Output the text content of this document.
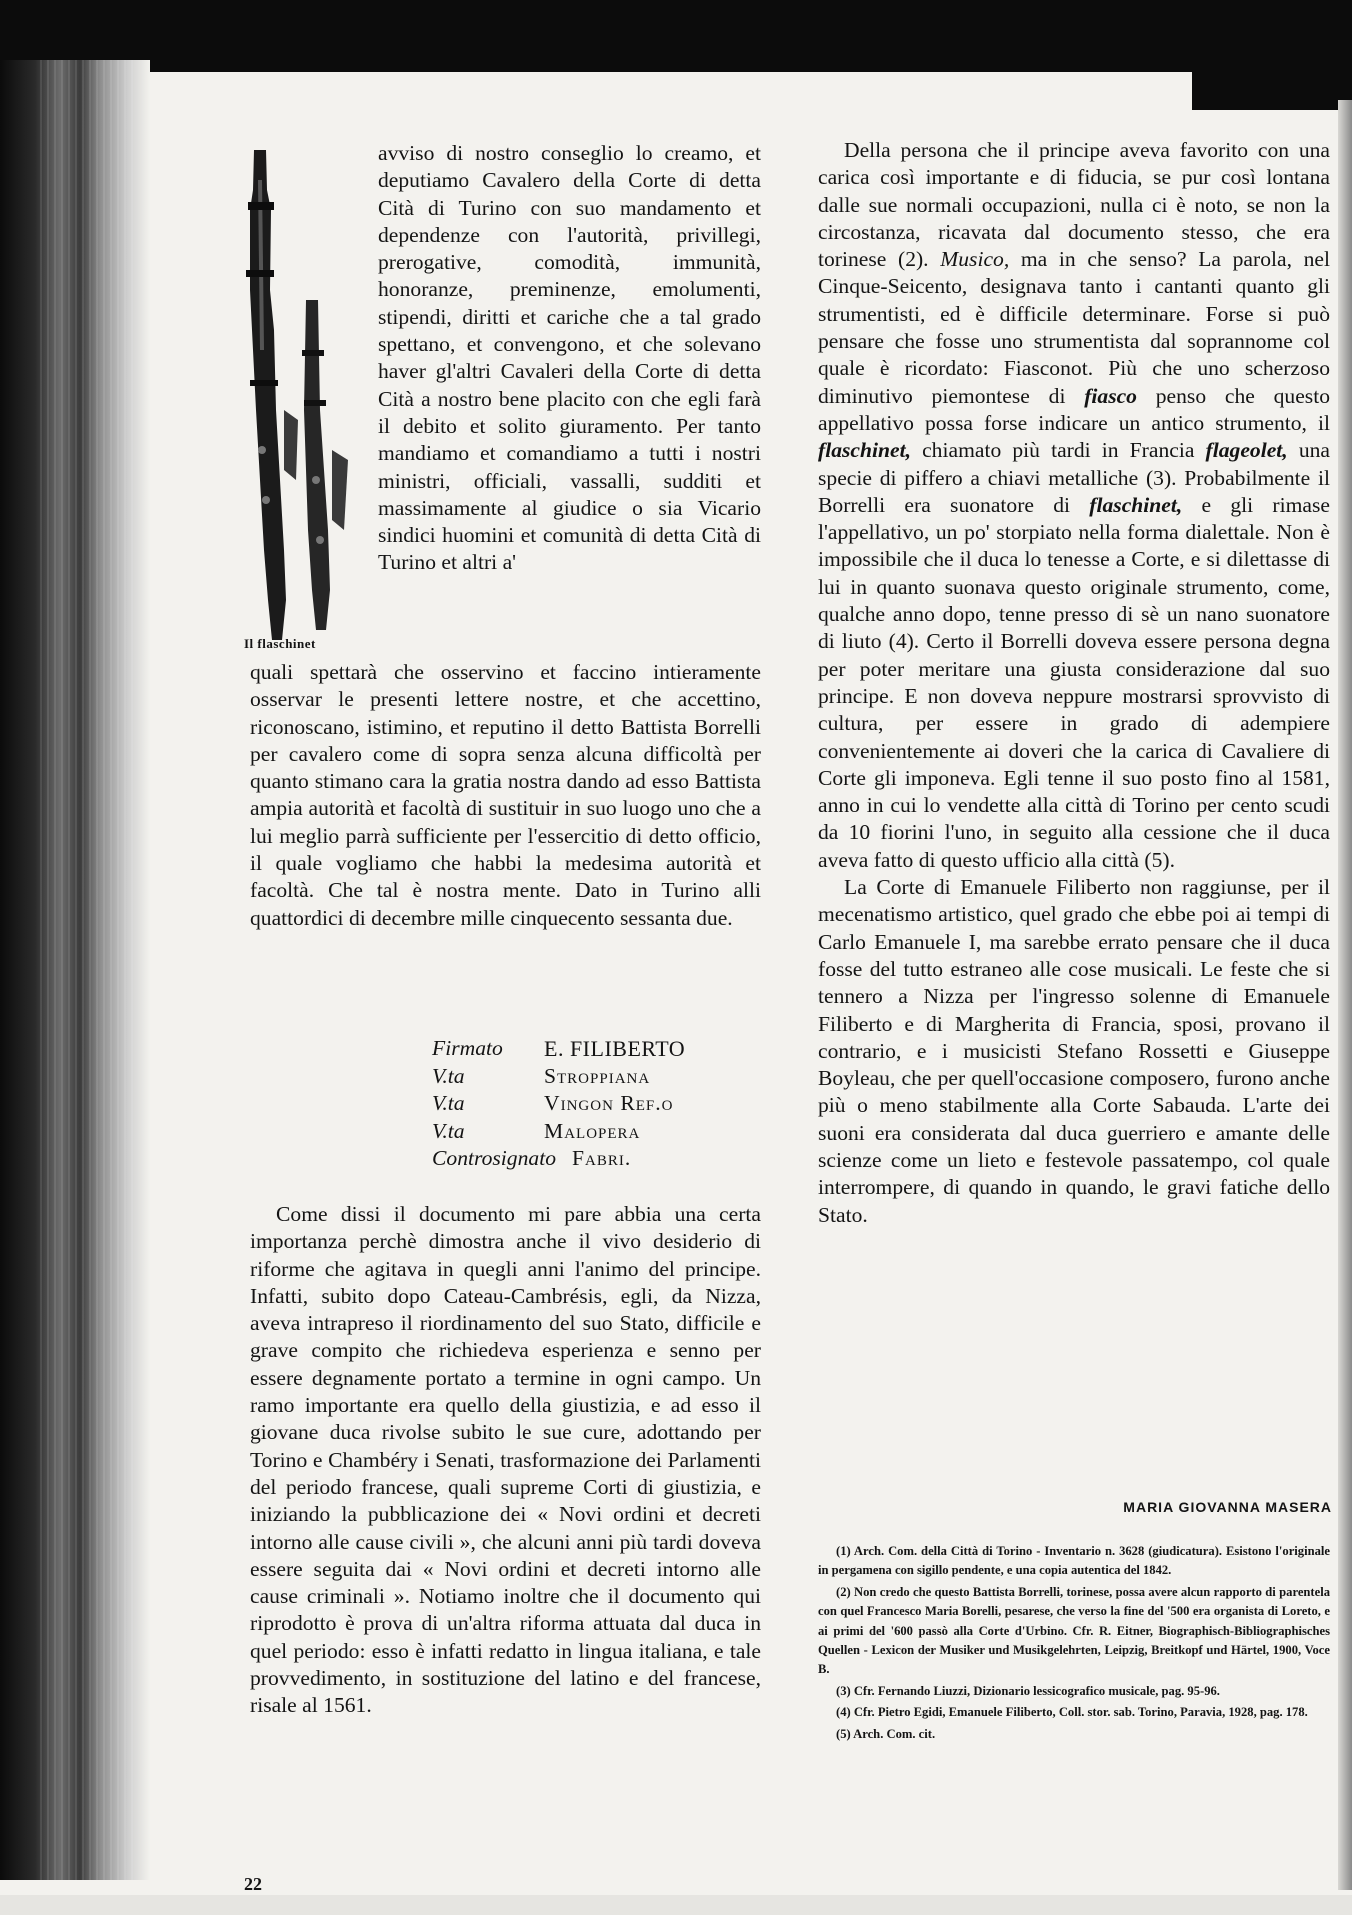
Il flaschinet

avviso di nostro conseglio lo creamo, et deputiamo Cavalero della Corte di detta Cità di Turino con suo mandamento et dependenze con l'autorità, privillegi, prerogative, comodità, immunità, honoranze, preminenze, emolumenti, stipendi, diritti et cariche che a tal grado spettano, et convengono, et che solevano haver gl'altri Cavaleri della Corte di detta Cità a nostro bene placito con che egli farà il debito et solito giuramento. Per tanto mandiamo et comandiamo a tutti i nostri ministri, officiali, vassalli, sudditi et massimamente al giudice o sia Vicario sindici huomini et comunità di detta Cità di Turino et altri a'

quali spettarà che osservino et faccino intieramente osservar le presenti lettere nostre, et che accettino, riconoscano, istimino, et reputino il detto Battista Borrelli per cavalero come di sopra senza alcuna difficoltà per quanto stimano cara la gratia nostra dando ad esso Battista ampia autorità et facoltà di sustituir in suo luogo uno che a lui meglio parrà sufficiente per l'essercitio di detto officio, il quale vogliamo che habbi la medesima autorità et facoltà. Che tal è nostra mente. Dato in Turino alli quattordici di decembre mille cinquecento sessanta due.

Firmato	E. FILIBERTO
V.ta	Stroppiana
V.ta	Vingon Ref.o
V.ta	Malopera
Controsignato Fabri.

Come dissi il documento mi pare abbia una certa importanza perchè dimostra anche il vivo desiderio di riforme che agitava in quegli anni l'animo del principe. Infatti, subito dopo Cateau-Cambrésis, egli, da Nizza, aveva intrapreso il riordinamento del suo Stato, difficile e grave compito che richiedeva esperienza e senno per essere degnamente portato a termine in ogni campo. Un ramo importante era quello della giustizia, e ad esso il giovane duca rivolse subito le sue cure, adottando per Torino e Chambéry i Senati, trasformazione dei Parlamenti del periodo francese, quali supreme Corti di giustizia, e iniziando la pubblicazione dei « Novi ordini et decreti intorno alle cause civili », che alcuni anni più tardi doveva essere seguita dai « Novi ordini et decreti intorno alle cause criminali ». Notiamo inoltre che il documento qui riprodotto è prova di un'altra riforma attuata dal duca in quel periodo: esso è infatti redatto in lingua italiana, e tale provvedimento, in sostituzione del latino e del francese, risale al 1561.

Della persona che il principe aveva favorito con una carica così importante e di fiducia, se pur così lontana dalle sue normali occupazioni, nulla ci è noto, se non la circostanza, ricavata dal documento stesso, che era torinese (2). Musico, ma in che senso? La parola, nel Cinque-Seicento, designava tanto i cantanti quanto gli strumentisti, ed è difficile determinare. Forse si può pensare che fosse uno strumentista dal soprannome col quale è ricordato: Fiasconot. Più che uno scherzoso diminutivo piemontese di fiasco penso che questo appellativo possa forse indicare un antico strumento, il flaschinet, chiamato più tardi in Francia flageolet, una specie di piffero a chiavi metalliche (3). Probabilmente il Borrelli era suonatore di flaschinet, e gli rimase l'appellativo, un po' storpiato nella forma dialettale. Non è impossibile che il duca lo tenesse a Corte, e si dilettasse di lui in quanto suonava questo originale strumento, come, qualche anno dopo, tenne presso di sè un nano suonatore di liuto (4). Certo il Borrelli doveva essere persona degna per poter meritare una giusta considerazione dal suo principe. E non doveva neppure mostrarsi sprovvisto di cultura, per essere in grado di adempiere convenientemente ai doveri che la carica di Cavaliere di Corte gli imponeva. Egli tenne il suo posto fino al 1581, anno in cui lo vendette alla città di Torino per cento scudi da 10 fiorini l'uno, in seguito alla cessione che il duca aveva fatto di questo ufficio alla città (5).

La Corte di Emanuele Filiberto non raggiunse, per il mecenatismo artistico, quel grado che ebbe poi ai tempi di Carlo Emanuele I, ma sarebbe errato pensare che il duca fosse del tutto estraneo alle cose musicali. Le feste che si tennero a Nizza per l'ingresso solenne di Emanuele Filiberto e di Margherita di Francia, sposi, provano il contrario, e i musicisti Stefano Rossetti e Giuseppe Boyleau, che per quell'occasione composero, furono anche più o meno stabilmente alla Corte Sabauda. L'arte dei suoni era considerata dal duca guerriero e amante delle scienze come un lieto e festevole passatempo, col quale interrompere, di quando in quando, le gravi fatiche dello Stato.

MARIA GIOVANNA MASERA

(1) Arch. Com. della Città di Torino - Inventario n. 3628 (giudicatura). Esistono l'originale in pergamena con sigillo pendente, e una copia autentica del 1842.

(2) Non credo che questo Battista Borrelli, torinese, possa avere alcun rapporto di parentela con quel Francesco Maria Borelli, pesarese, che verso la fine del '500 era organista di Loreto, e ai primi del '600 passò alla Corte d'Urbino. Cfr. R. Eitner, Biographisch-Bibliographisches Quellen - Lexicon der Musiker und Musikgelehrten, Leipzig, Breitkopf und Härtel, 1900, Voce B.

(3) Cfr. Fernando Liuzzi, Dizionario lessicografico musicale, pag. 95-96.

(4) Cfr. Pietro Egidi, Emanuele Filiberto, Coll. stor. sab. Torino, Paravia, 1928, pag. 178.

(5) Arch. Com. cit.

22
